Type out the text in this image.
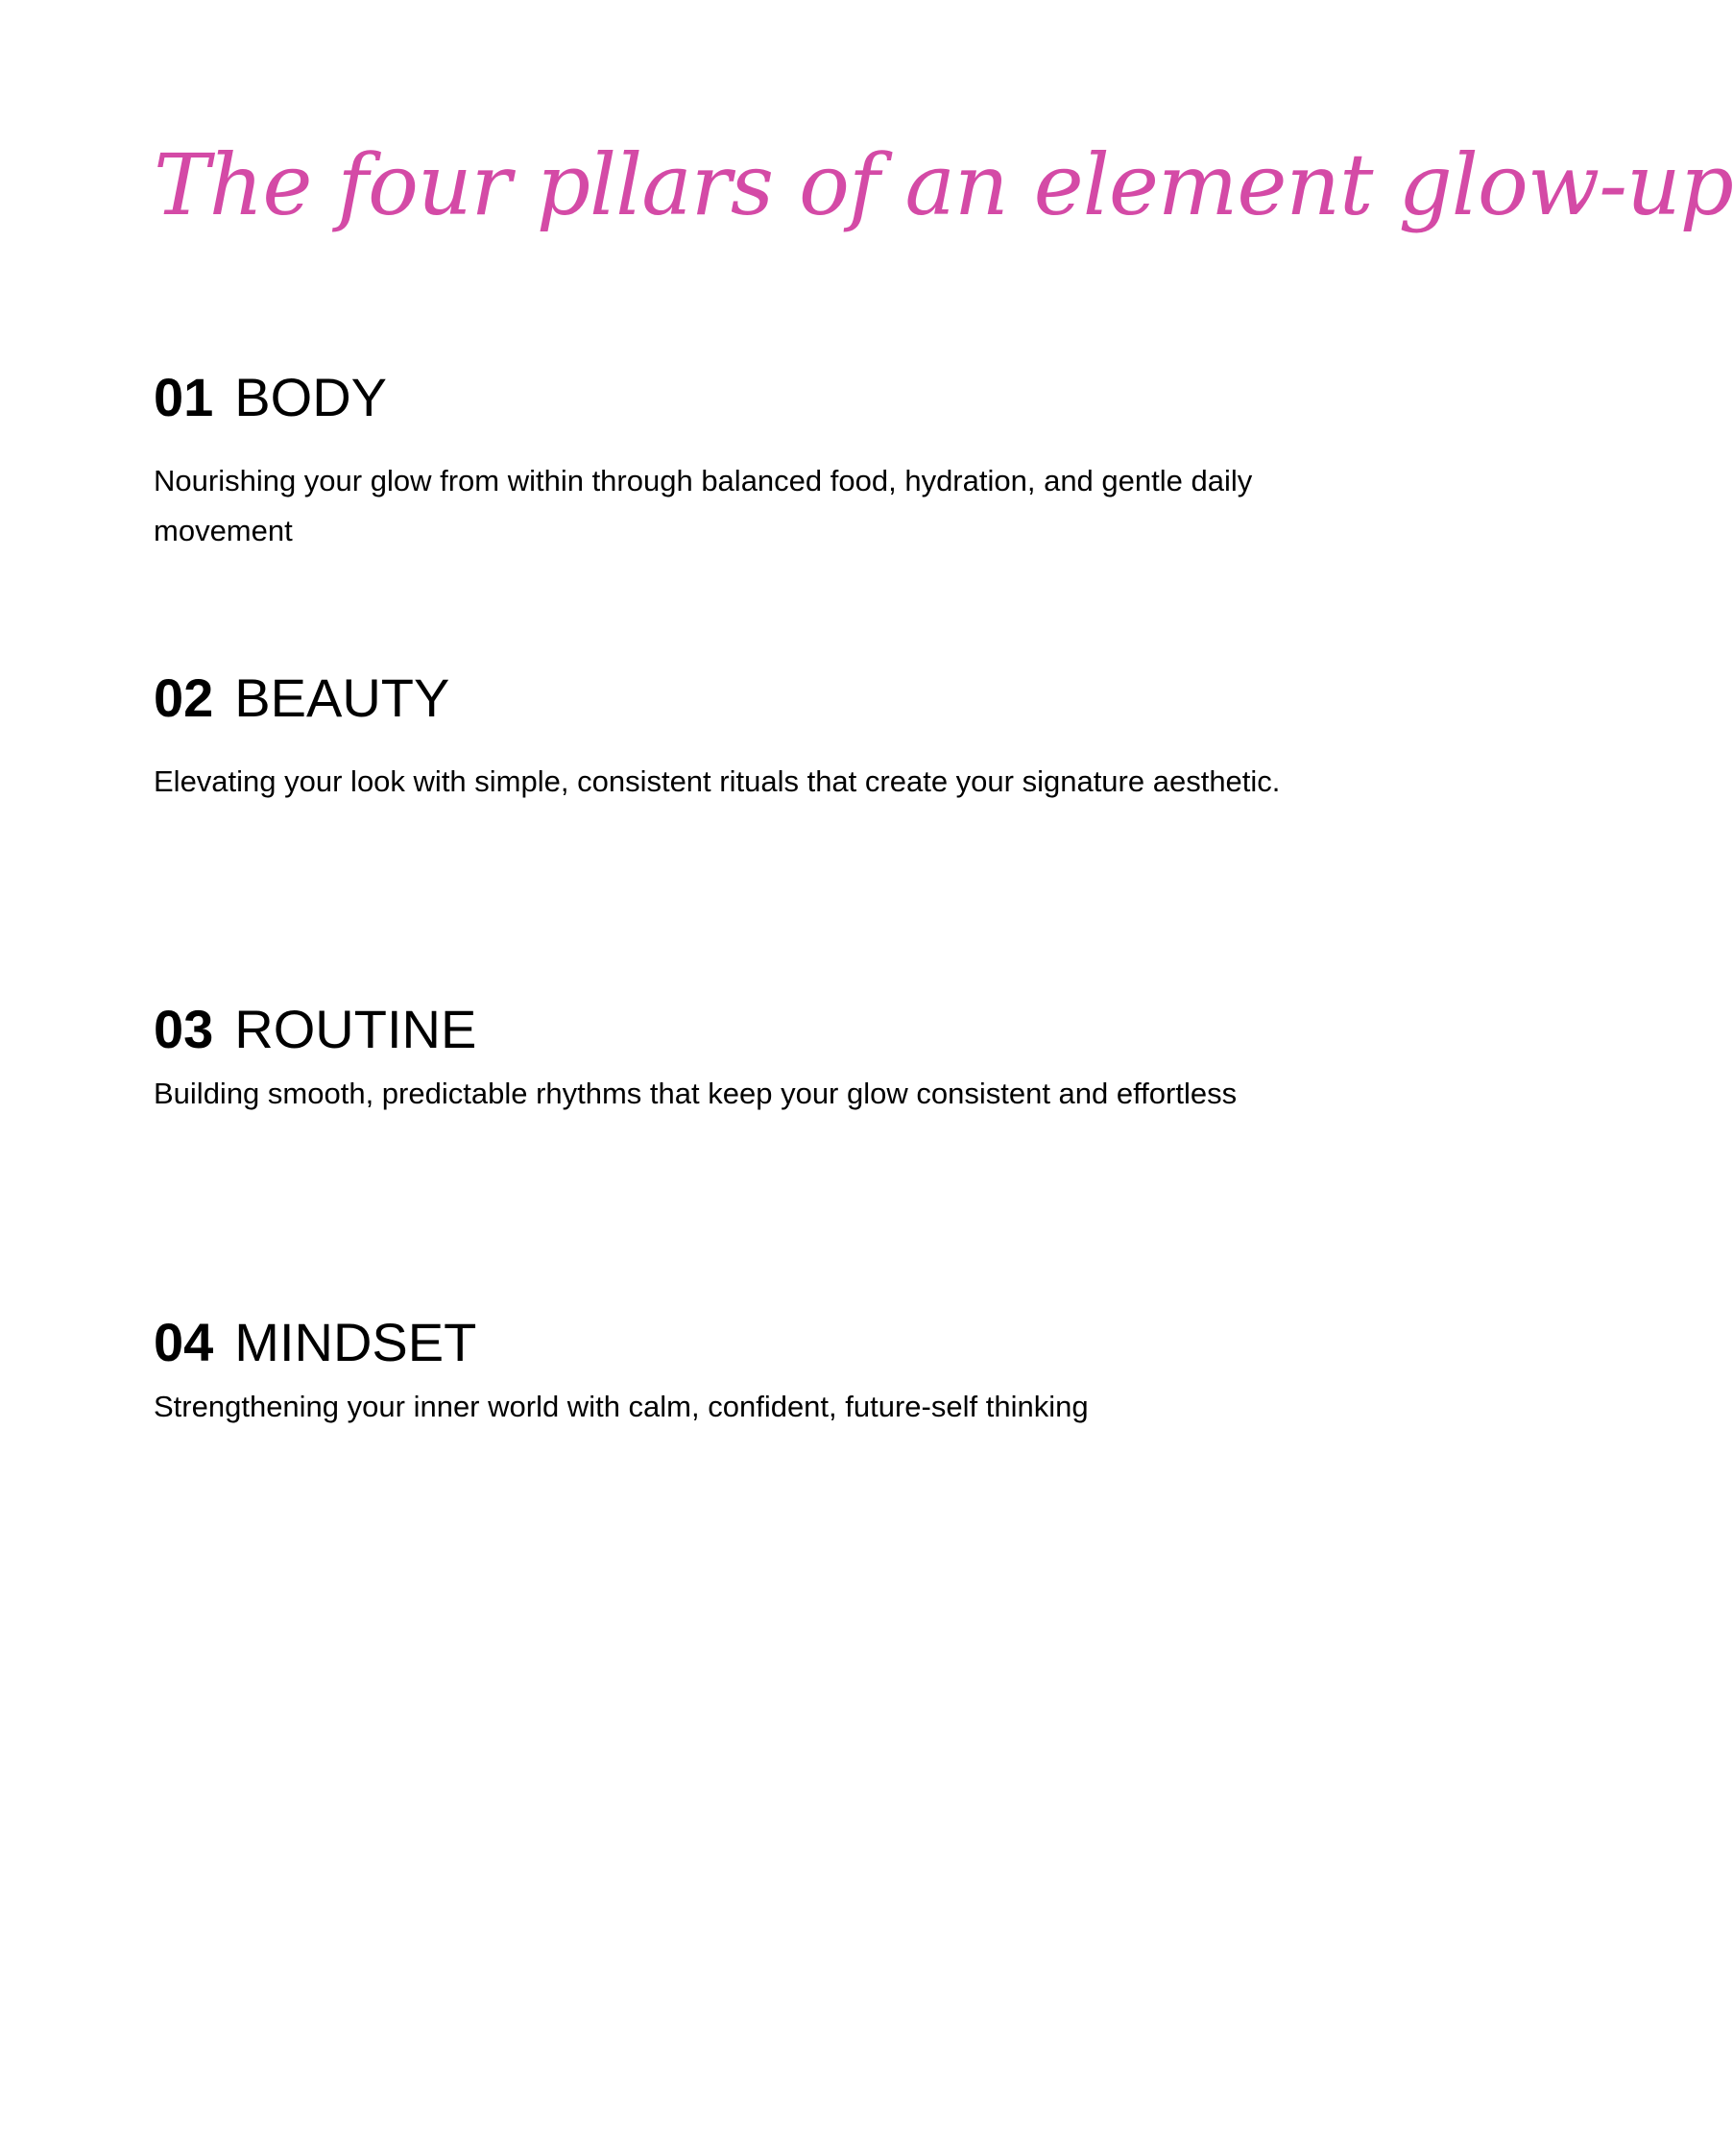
The four pllars of an element glow-up
01 BODY

Nourishing your glow from within through balanced food, hydration, and gentle daily movement

02 BEAUTY

Elevating your look with simple, consistent rituals that create your signature aesthetic.

03 ROUTINE

Building smooth, predictable rhythms that keep your glow consistent and effortless

04 MINDSET

Strengthening your inner world with calm, confident, future-self thinking
